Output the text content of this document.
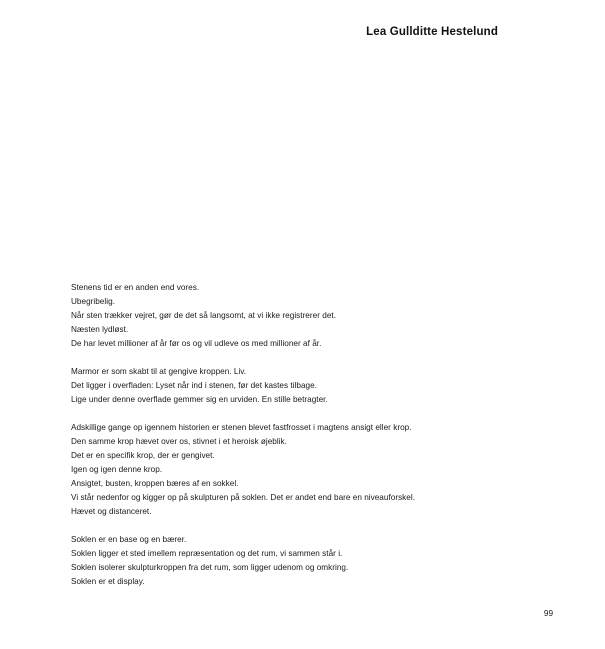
Lea Gullditte Hestelund
Stenens tid er en anden end vores.
Ubegribelig.
Når sten trækker vejret, gør de det så langsomt, at vi ikke registrerer det.
Næsten lydløst.
De har levet millioner af år før os og vil udleve os med millioner af år.
Marmor er som skabt til at gengive kroppen. Liv.
Det ligger i overfladen: Lyset når ind i stenen, før det kastes tilbage.
Lige under denne overflade gemmer sig en urviden. En stille betragter.
Adskillige gange op igennem historien er stenen blevet fastfrosset i magtens ansigt eller krop.
Den samme krop hævet over os, stivnet i et heroisk øjeblik.
Det er en specifik krop, der er gengivet.
Igen og igen denne krop.
Ansigtet, busten, kroppen bæres af en sokkel.
Vi står nedenfor og kigger op på skulpturen på soklen. Det er andet end bare en niveauforskel.
Hævet og distanceret.
Soklen er en base og en bærer.
Soklen ligger et sted imellem repræsentation og det rum, vi sammen står i.
Soklen isolerer skulpturkroppen fra det rum, som ligger udenom og omkring.
Soklen er et display.
99
